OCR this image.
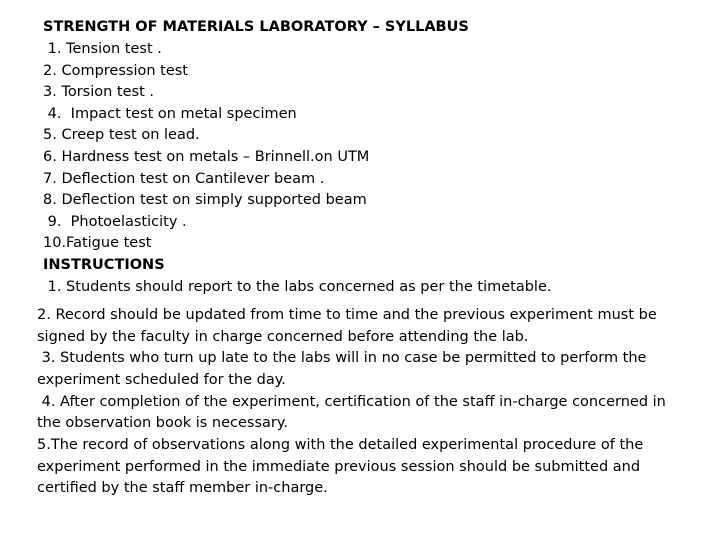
STRENGTH OF MATERIALS LABORATORY – SYLLABUS
1. Tension test .
2. Compression test
3. Torsion test .
4.  Impact test on metal specimen
5. Creep test on lead.
6. Hardness test on metals – Brinnell.on UTM
7. Deflection test on Cantilever beam .
8. Deflection test on simply supported beam
9.  Photoelasticity .
10.Fatigue test
INSTRUCTIONS
1. Students should report to the labs concerned as per the timetable.
2. Record should be updated from time to time and the previous experiment must be
signed by the faculty in charge concerned before attending the lab.
3. Students who turn up late to the labs will in no case be permitted to perform the
experiment scheduled for the day.
4. After completion of the experiment, certification of the staff in-charge concerned in
the observation book is necessary.
5.The record of observations along with the detailed experimental procedure of the
experiment performed in the immediate previous session should be submitted and
certified by the staff member in-charge.
